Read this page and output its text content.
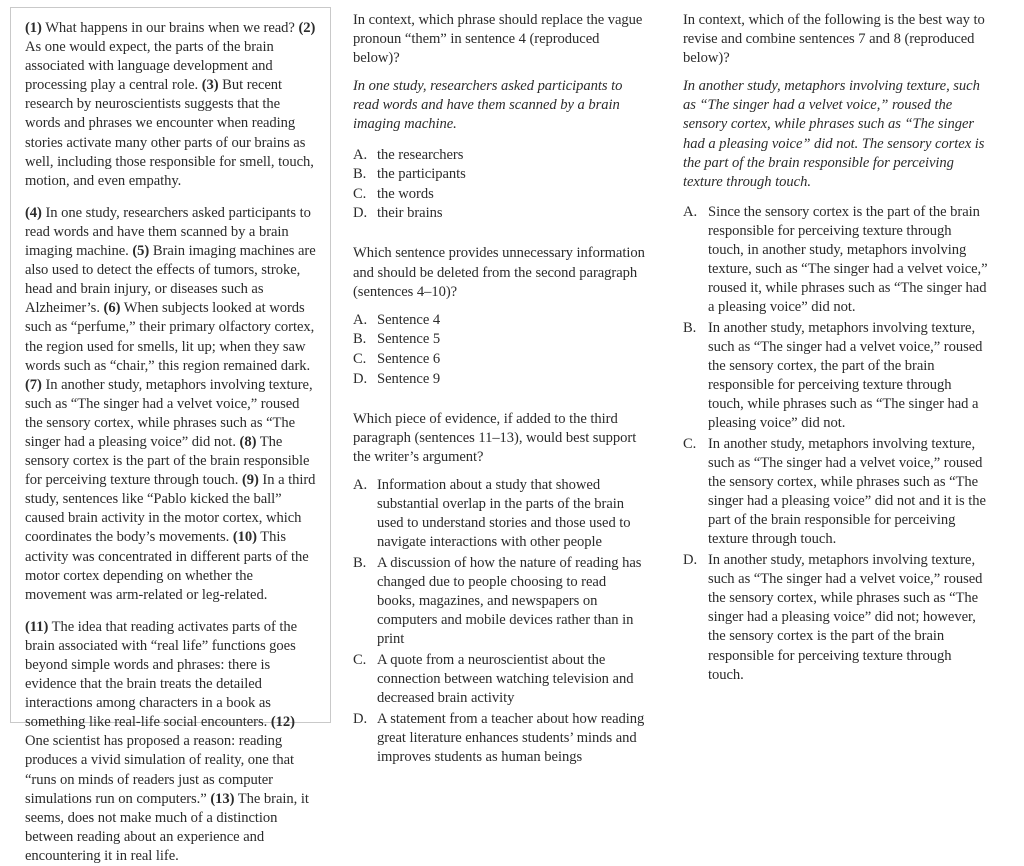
(1) What happens in our brains when we read? (2) As one would expect, the parts of the brain associated with language development and processing play a central role. (3) But recent research by neuroscientists suggests that the words and phrases we encounter when reading stories activate many other parts of our brains as well, including those responsible for smell, touch, motion, and even empathy.

(4) In one study, researchers asked participants to read words and have them scanned by a brain imaging machine. (5) Brain imaging machines are also used to detect the effects of tumors, stroke, head and brain injury, or diseases such as Alzheimer’s. (6) When subjects looked at words such as “perfume,” their primary olfactory cortex, the region used for smells, lit up; when they saw words such as “chair,” this region remained dark. (7) In another study, metaphors involving texture, such as “The singer had a velvet voice,” roused the sensory cortex, while phrases such as “The singer had a pleasing voice” did not. (8) The sensory cortex is the part of the brain responsible for perceiving texture through touch. (9) In a third study, sentences like “Pablo kicked the ball” caused brain activity in the motor cortex, which coordinates the body’s movements. (10) This activity was concentrated in different parts of the motor cortex depending on whether the movement was arm-related or leg-related.

(11) The idea that reading activates parts of the brain associated with “real life” functions goes beyond simple words and phrases: there is evidence that the brain treats the detailed interactions among characters in a book as something like real-life social encounters. (12) One scientist has proposed a reason: reading produces a vivid simulation of reality, one that “runs on minds of readers just as computer simulations run on computers.” (13) The brain, it seems, does not make much of a distinction between reading about an experience and encountering it in real life.

In context, which phrase should replace the vague pronoun “them” in sentence 4 (reproduced below)?

In one study, researchers asked participants to read words and have them scanned by a brain imaging machine.

A. the researchers
B. the participants
C. the words
D. their brains

Which sentence provides unnecessary information and should be deleted from the second paragraph (sentences 4–10)?

A. Sentence 4
B. Sentence 5
C. Sentence 6
D. Sentence 9

Which piece of evidence, if added to the third paragraph (sentences 11–13), would best support the writer’s argument?

A. Information about a study that showed substantial overlap in the parts of the brain used to understand stories and those used to navigate interactions with other people
B. A discussion of how the nature of reading has changed due to people choosing to read books, magazines, and newspapers on computers and mobile devices rather than in print
C. A quote from a neuroscientist about the connection between watching television and decreased brain activity
D. A statement from a teacher about how reading great literature enhances students’ minds and improves students as human beings

In context, which of the following is the best way to revise and combine sentences 7 and 8 (reproduced below)?

In another study, metaphors involving texture, such as “The singer had a velvet voice,” roused the sensory cortex, while phrases such as “The singer had a pleasing voice” did not. The sensory cortex is the part of the brain responsible for perceiving texture through touch.

A. Since the sensory cortex is the part of the brain responsible for perceiving texture through touch, in another study, metaphors involving texture, such as “The singer had a velvet voice,” roused it, while phrases such as “The singer had a pleasing voice” did not.
B. In another study, metaphors involving texture, such as “The singer had a velvet voice,” roused the sensory cortex, the part of the brain responsible for perceiving texture through touch, while phrases such as “The singer had a pleasing voice” did not.
C. In another study, metaphors involving texture, such as “The singer had a velvet voice,” roused the sensory cortex, while phrases such as “The singer had a pleasing voice” did not and it is the part of the brain responsible for perceiving texture through touch.
D. In another study, metaphors involving texture, such as “The singer had a velvet voice,” roused the sensory cortex, while phrases such as “The singer had a pleasing voice” did not; however, the sensory cortex is the part of the brain responsible for perceiving texture through touch.
